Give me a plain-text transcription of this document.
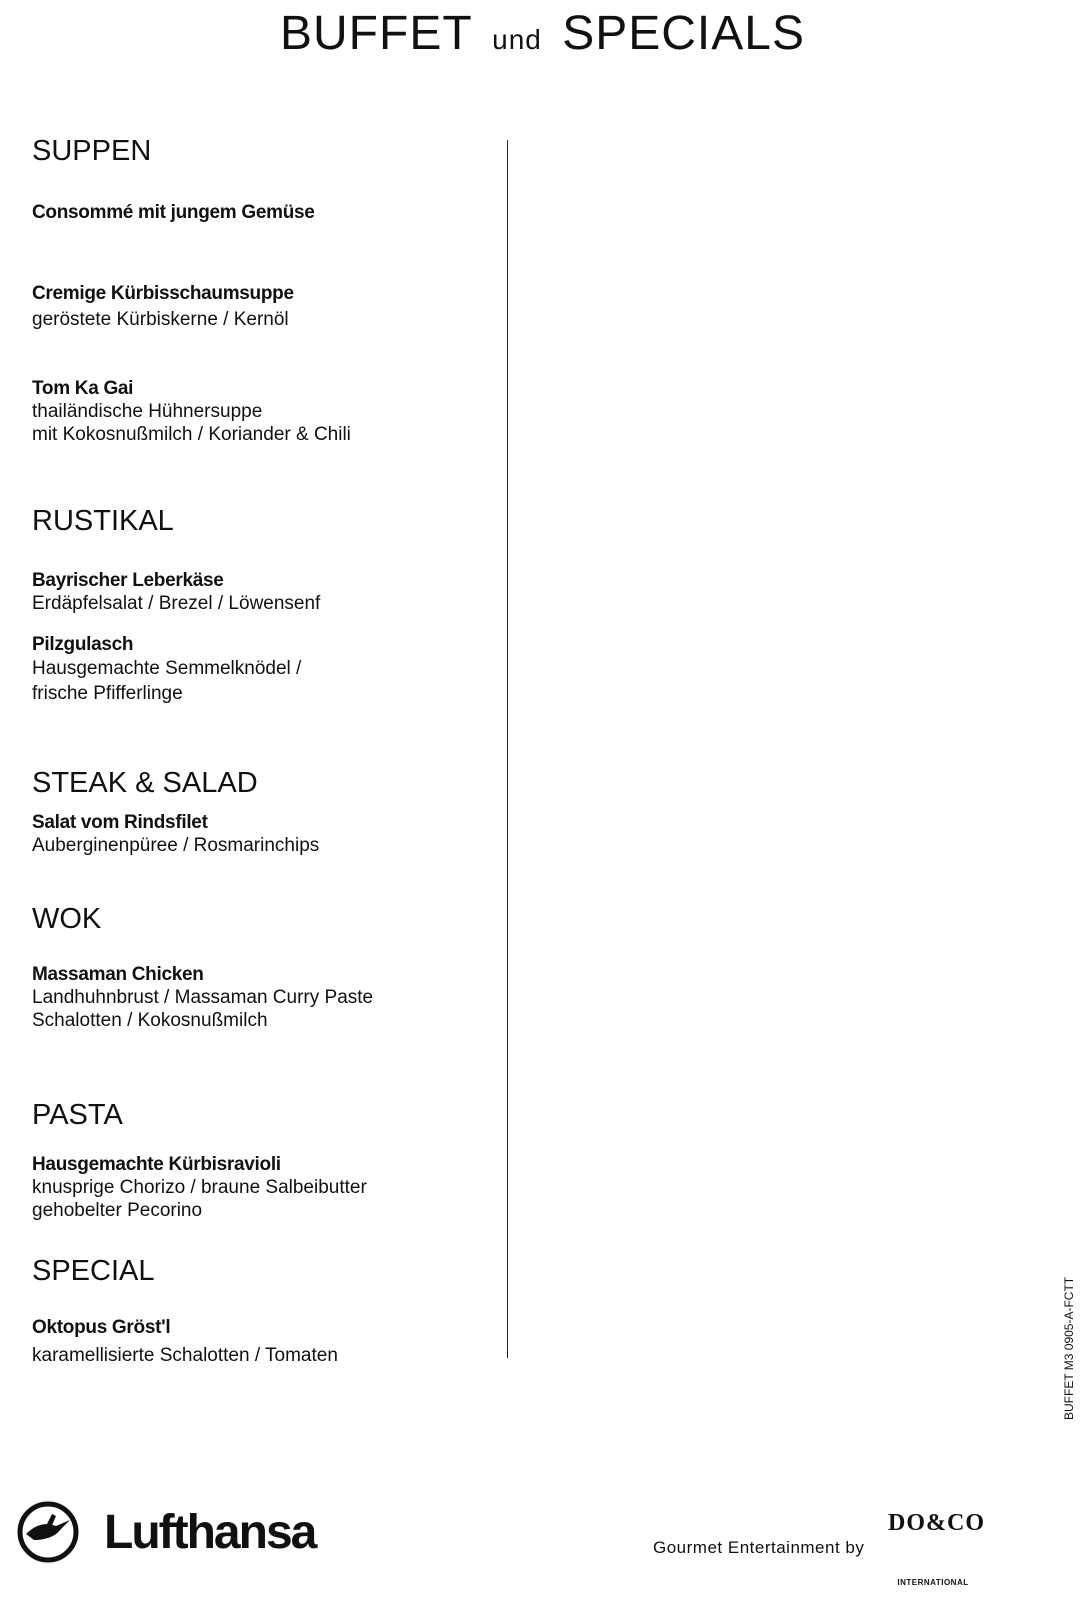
BUFFET und SPECIALS
SUPPEN
Consommé mit jungem Gemüse
Cremige Kürbisschaumsuppe
geröstete Kürbiskerne / Kernöl
Tom Ka Gai
thailändische Hühnersuppe
mit Kokosnußmilch / Koriander & Chili
RUSTIKAL
Bayrischer Leberkäse
Erdäpfelsalat / Brezel / Löwensenf
Pilzgulasch
Hausgemachte Semmelknödel /
frische Pfifferlinge
STEAK & SALAD
Salat vom Rindsfilet
Auberginenpüree / Rosmarinchips
WOK
Massaman Chicken
Landhuhnbrust / Massaman Curry Paste
Schalotten / Kokosnußmilch
PASTA
Hausgemachte Kürbisravioli
knusprige Chorizo / braune Salbeibutter
gehobelter Pecorino
SPECIAL
Oktopus Gröst'l
karamellisierte Schalotten / Tomaten	BUFFET M3 0905-A-FCTT
Lufthansa	Gourmet Entertainment by
DO&CO
INTERNATIONAL
